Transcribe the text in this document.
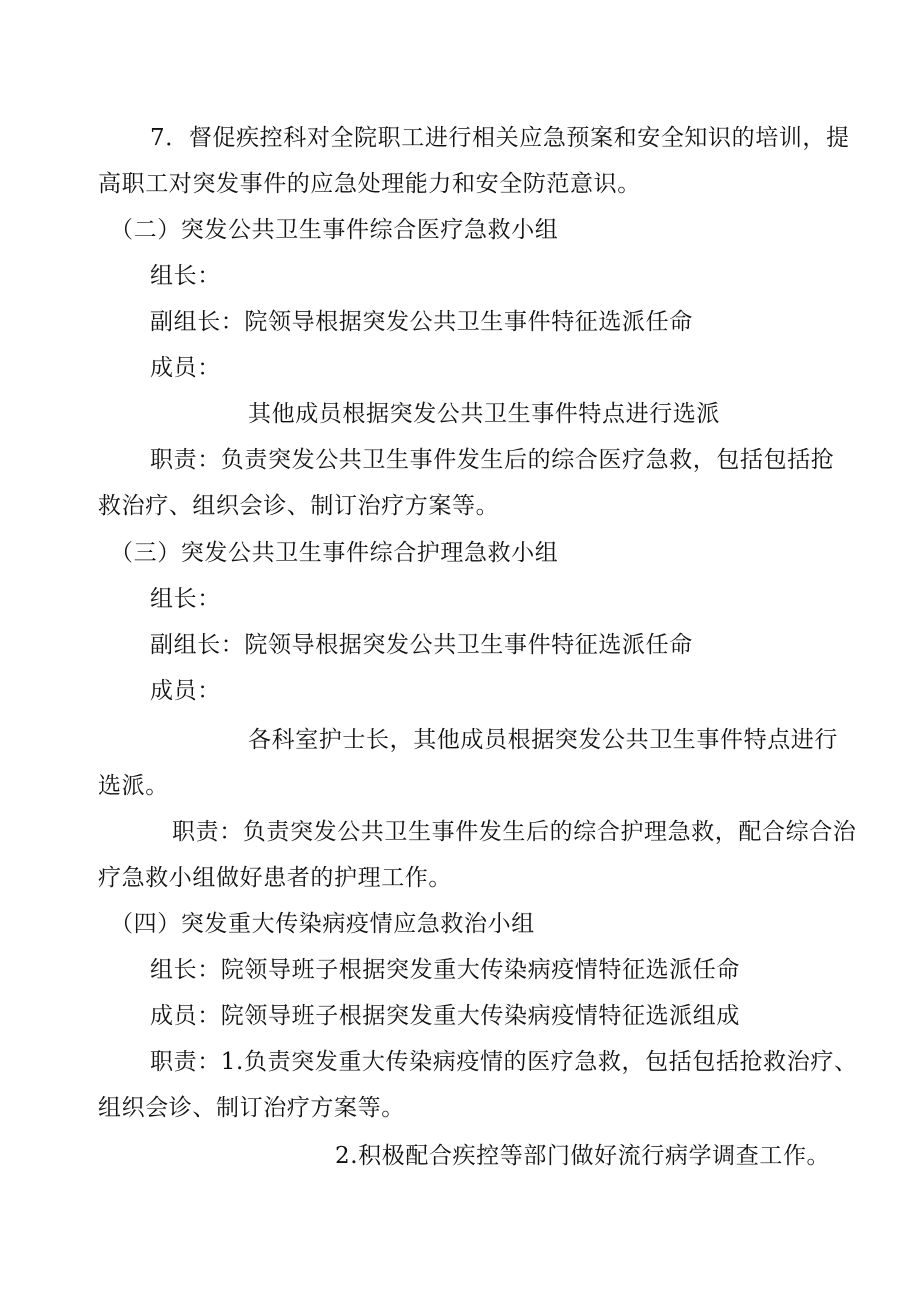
7．督促疾控科对全院职工进行相关应急预案和安全知识的培训，提

高职工对突发事件的应急处理能力和安全防范意识。

（二）突发公共卫生事件综合医疗急救小组

组长：

副组长：院领导根据突发公共卫生事件特征选派任命

成员：

其他成员根据突发公共卫生事件特点进行选派

职责：负责突发公共卫生事件发生后的综合医疗急救，包括包括抢

救治疗、组织会诊、制订治疗方案等。

（三）突发公共卫生事件综合护理急救小组

组长：

副组长：院领导根据突发公共卫生事件特征选派任命

成员：

各科室护士长，其他成员根据突发公共卫生事件特点进行

选派。

职责：负责突发公共卫生事件发生后的综合护理急救，配合综合治

疗急救小组做好患者的护理工作。

（四）突发重大传染病疫情应急救治小组

组长：院领导班子根据突发重大传染病疫情特征选派任命

成员：院领导班子根据突发重大传染病疫情特征选派组成

职责：1.负责突发重大传染病疫情的医疗急救，包括包括抢救治疗、

组织会诊、制订治疗方案等。

2.积极配合疾控等部门做好流行病学调查工作。
